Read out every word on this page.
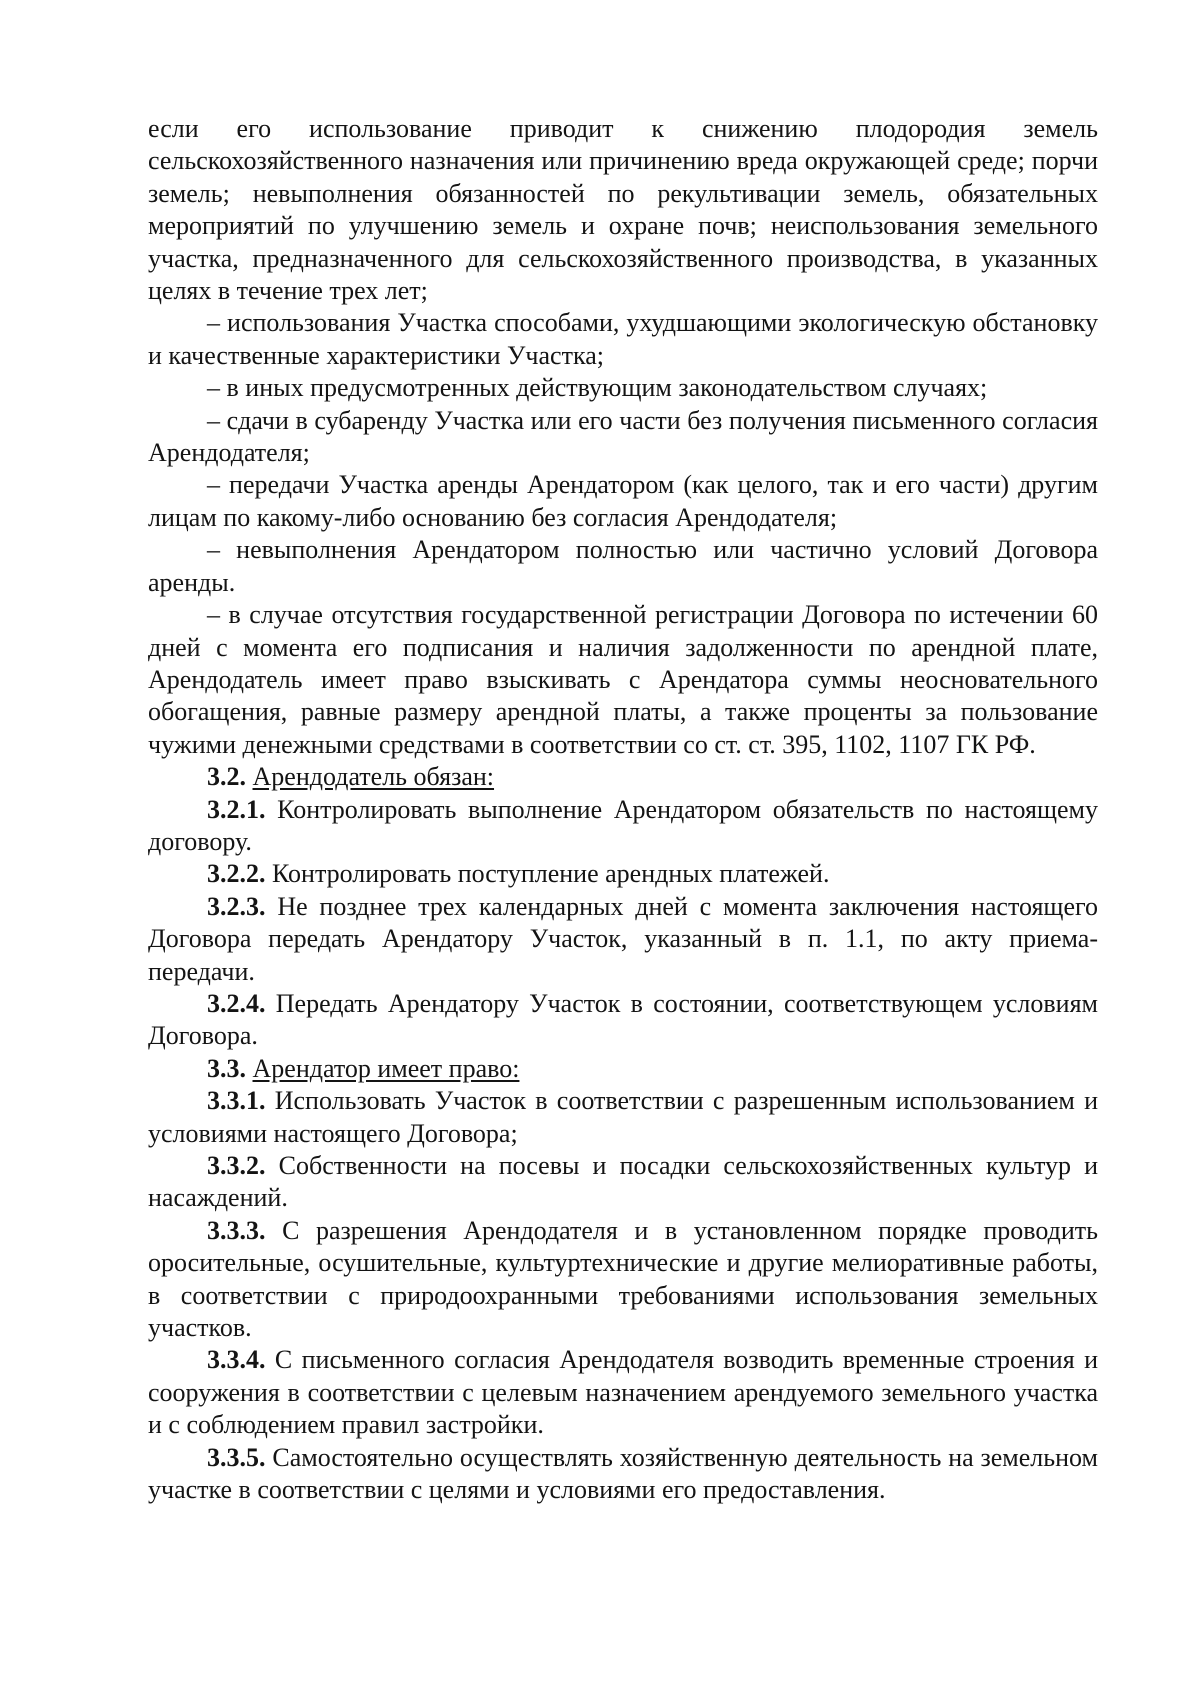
если его использование приводит к снижению плодородия земель сельскохозяйственного назначения или причинению вреда окружающей среде; порчи земель; невыполнения обязанностей по рекультивации земель, обязательных мероприятий по улучшению земель и охране почв; неиспользования земельного участка, предназначенного для сельскохозяйственного производства, в указанных целях в течение трех лет;

– использования Участка способами, ухудшающими экологическую обстановку и качественные характеристики Участка;

– в иных предусмотренных действующим законодательством случаях;

– сдачи в субаренду Участка или его части без получения письменного согласия Арендодателя;

– передачи Участка аренды Арендатором (как целого, так и его части) другим лицам по какому-либо основанию без согласия Арендодателя;

– невыполнения Арендатором полностью или частично условий Договора аренды.

– в случае отсутствия государственной регистрации Договора по истечении 60 дней с момента его подписания и наличия задолженности по арендной плате, Арендодатель имеет право взыскивать с Арендатора суммы неосновательного обогащения, равные размеру арендной платы, а также проценты за пользование чужими денежными средствами в соответствии со ст. ст. 395, 1102, 1107 ГК РФ.

3.2. Арендодатель обязан:

3.2.1. Контролировать выполнение Арендатором обязательств по настоящему договору.

3.2.2. Контролировать поступление арендных платежей.

3.2.3. Не позднее трех календарных дней с момента заключения настоящего Договора передать Арендатору Участок, указанный в п. 1.1, по акту приема-передачи.

3.2.4. Передать Арендатору Участок в состоянии, соответствующем условиям Договора.

3.3. Арендатор имеет право:

3.3.1. Использовать Участок в соответствии с разрешенным использованием и условиями настоящего Договора;

3.3.2. Собственности на посевы и посадки сельскохозяйственных культур и насаждений.

3.3.3. С разрешения Арендодателя и в установленном порядке проводить оросительные, осушительные, культуртехнические и другие мелиоративные работы, в соответствии с природоохранными требованиями использования земельных участков.

3.3.4. С письменного согласия Арендодателя возводить временные строения и сооружения в соответствии с целевым назначением арендуемого земельного участка и с соблюдением правил застройки.

3.3.5. Самостоятельно осуществлять хозяйственную деятельность на земельном участке в соответствии с целями и условиями его предоставления.
